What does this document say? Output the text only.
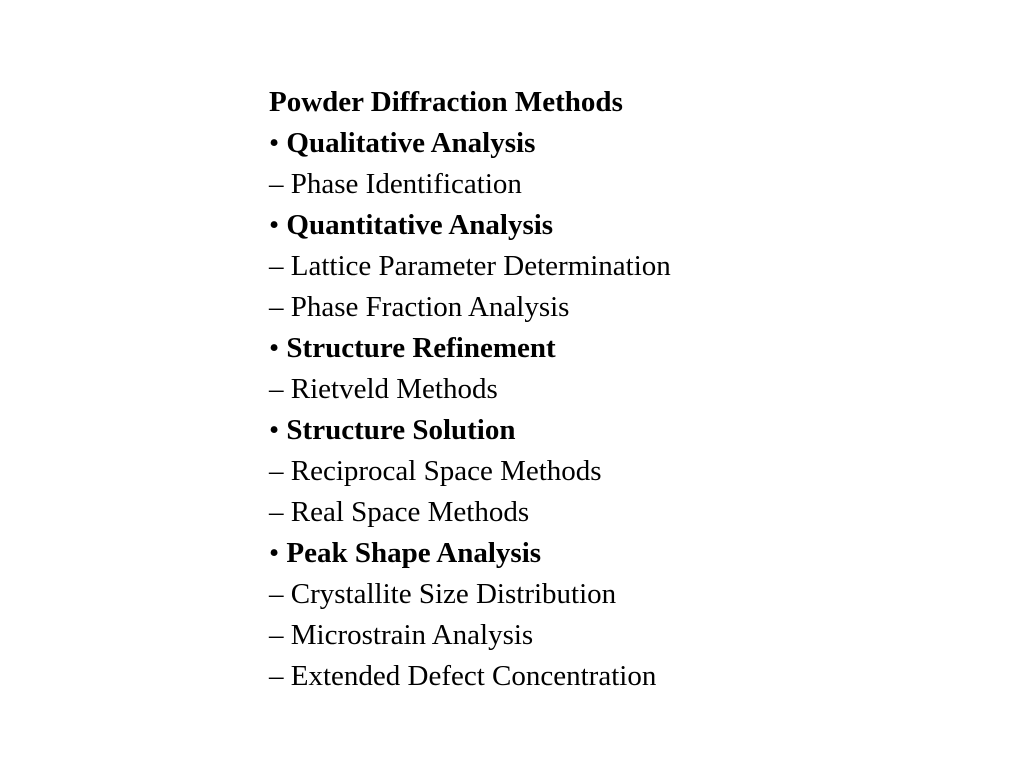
Powder Diffraction Methods
• Qualitative Analysis
– Phase Identification
• Quantitative Analysis
– Lattice Parameter Determination
– Phase Fraction Analysis
• Structure Refinement
– Rietveld Methods
• Structure Solution
– Reciprocal Space Methods
– Real Space Methods
• Peak Shape Analysis
– Crystallite Size Distribution
– Microstrain Analysis
– Extended Defect Concentration
